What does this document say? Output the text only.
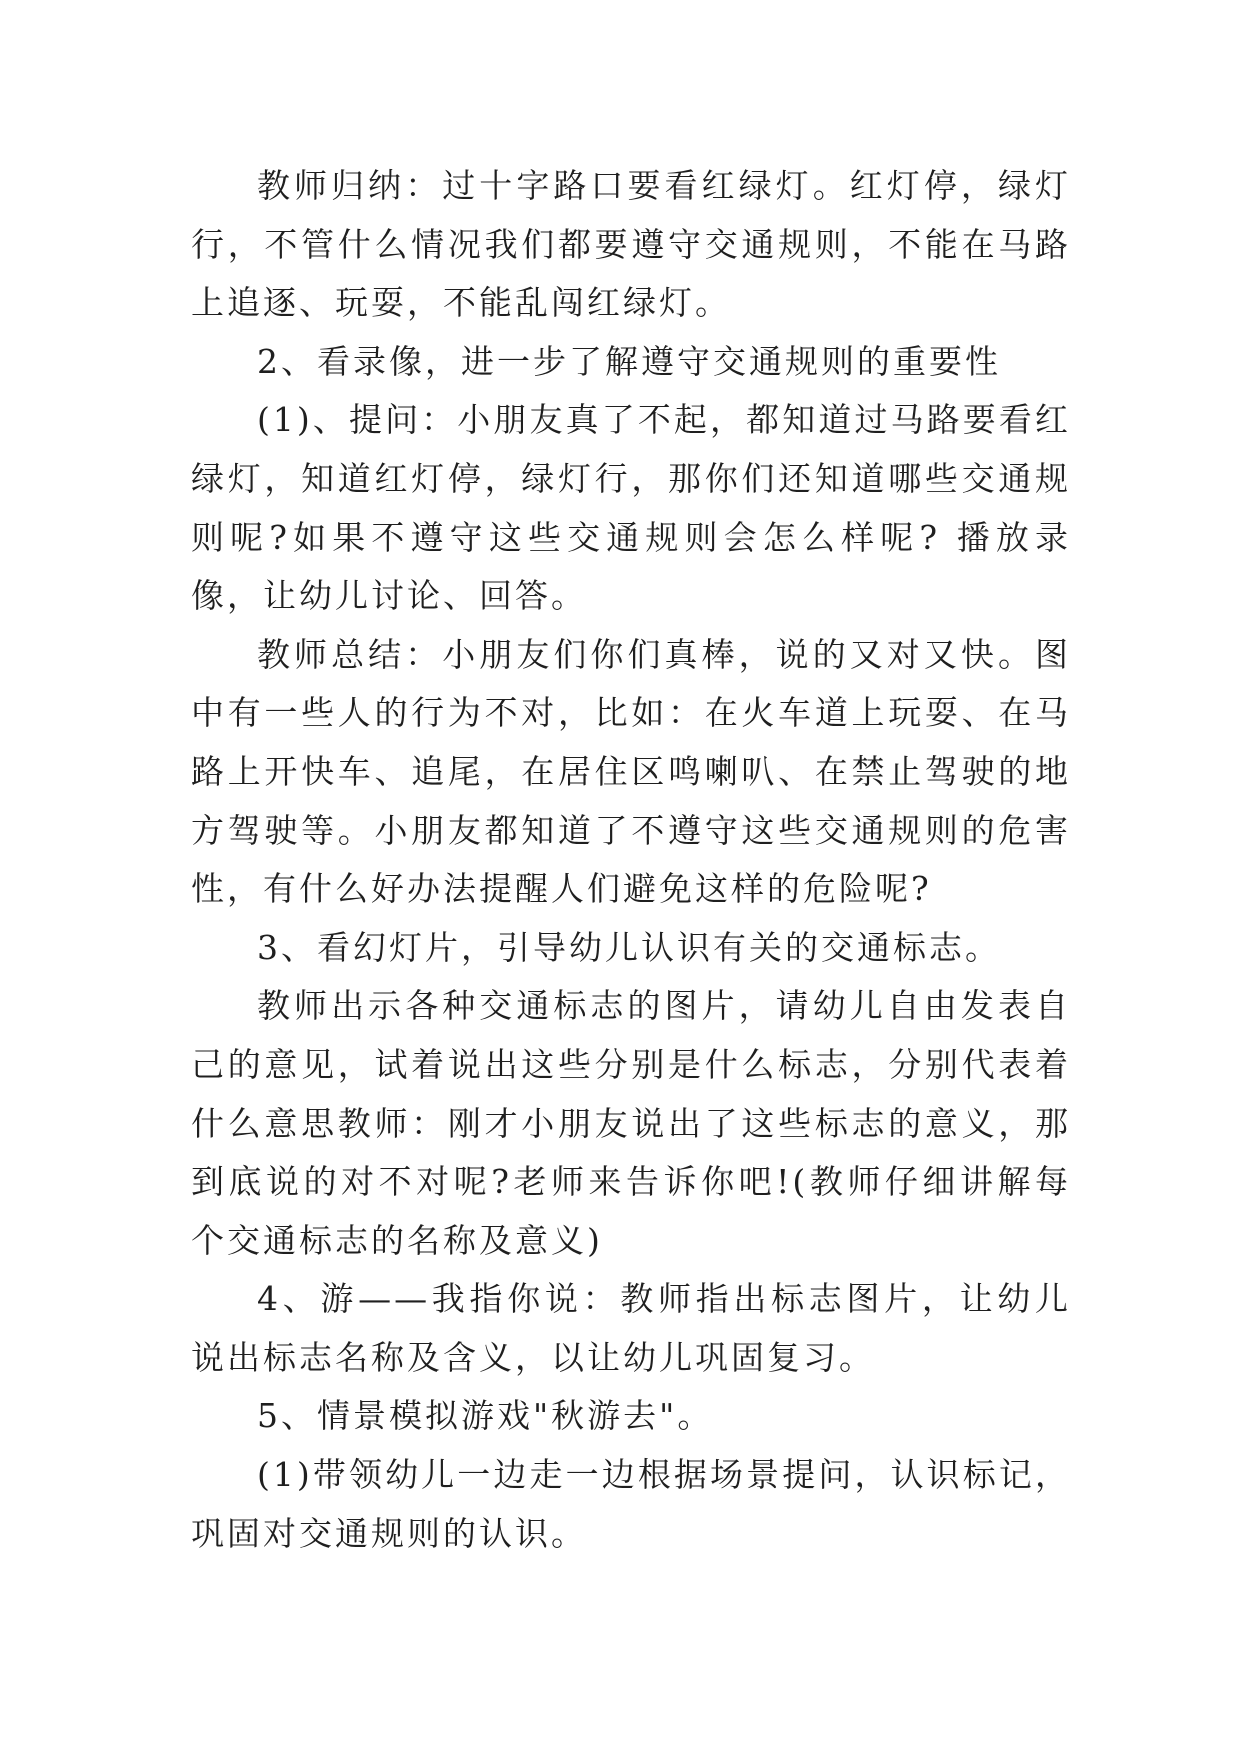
教师归纳：过十字路口要看红绿灯。红灯停，绿灯行，不管什么情况我们都要遵守交通规则，不能在马路上追逐、玩耍，不能乱闯红绿灯。

2、看录像，进一步了解遵守交通规则的重要性

(1)、提问：小朋友真了不起，都知道过马路要看红绿灯，知道红灯停，绿灯行，那你们还知道哪些交通规则呢?如果不遵守这些交通规则会怎么样呢? 播放录像，让幼儿讨论、回答。

教师总结：小朋友们你们真棒，说的又对又快。图中有一些人的行为不对，比如：在火车道上玩耍、在马路上开快车、追尾，在居住区鸣喇叭、在禁止驾驶的地方驾驶等。小朋友都知道了不遵守这些交通规则的危害性，有什么好办法提醒人们避免这样的危险呢?

3、看幻灯片，引导幼儿认识有关的交通标志。

教师出示各种交通标志的图片，请幼儿自由发表自己的意见，试着说出这些分别是什么标志，分别代表着什么意思教师：刚才小朋友说出了这些标志的意义，那到底说的对不对呢?老师来告诉你吧!(教师仔细讲解每个交通标志的名称及意义)

4、游——我指你说：教师指出标志图片，让幼儿说出标志名称及含义，以让幼儿巩固复习。

5、情景模拟游戏"秋游去"。

(1)带领幼儿一边走一边根据场景提问，认识标记，巩固对交通规则的认识。
